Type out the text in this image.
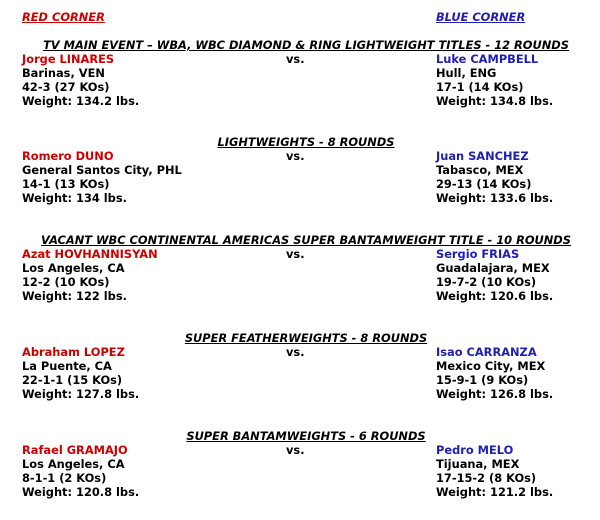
RED CORNER	BLUE CORNER
TV MAIN EVENT – WBA, WBC DIAMOND & RING LIGHTWEIGHT TITLES - 12 ROUNDS
Jorge LINARES	vs.	Luke CAMPBELL
Barinas, VEN	Hull, ENG
42-3 (27 KOs)	17-1 (14 KOs)
Weight: 134.2 lbs.	Weight: 134.8 lbs.
LIGHTWEIGHTS - 8 ROUNDS
Romero DUNO	vs.	Juan SANCHEZ
General Santos City, PHL	Tabasco, MEX
14-1 (13 KOs)	29-13 (14 KOs)
Weight: 134 lbs.	Weight: 133.6 lbs.
VACANT WBC CONTINENTAL AMERICAS SUPER BANTAMWEIGHT TITLE - 10 ROUNDS
Azat HOVHANNISYAN	vs.	Sergio FRIAS
Los Angeles, CA	Guadalajara, MEX
12-2 (10 KOs)	19-7-2 (10 KOs)
Weight: 122 lbs.	Weight: 120.6 lbs.
SUPER FEATHERWEIGHTS - 8 ROUNDS
Abraham LOPEZ	vs.	Isao CARRANZA
La Puente, CA	Mexico City, MEX
22-1-1 (15 KOs)	15-9-1 (9 KOs)
Weight: 127.8 lbs.	Weight: 126.8 lbs.
SUPER BANTAMWEIGHTS - 6 ROUNDS
Rafael GRAMAJO	vs.	Pedro MELO
Los Angeles, CA	Tijuana, MEX
8-1-1 (2 KOs)	17-15-2 (8 KOs)
Weight: 120.8 lbs.	Weight: 121.2 lbs.
